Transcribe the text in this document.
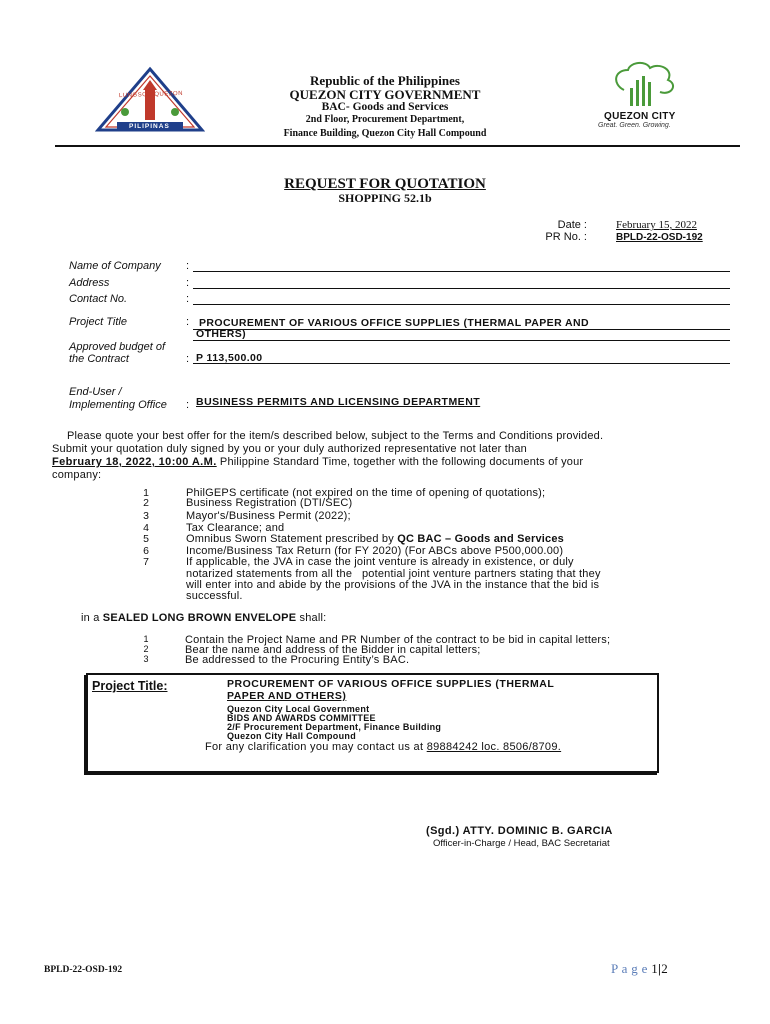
LUNGSOD QUEZON
PILIPINAS
QUEZON CITY
Great. Green. Growing.
Republic of the Philippines
QUEZON CITY GOVERNMENT
BAC- Goods and Services
2nd Floor, Procurement Department,
Finance Building, Quezon City Hall Compound
REQUEST FOR QUOTATION
SHOPPING 52.1b
Date :	February 15, 2022
PR No. :	BPLD-22-OSD-192
Name of Company :
Address	:
Contact No.	:
Project Title	: PROCUREMENT OF VARIOUS OFFICE SUPPLIES (THERMAL PAPER AND
OTHERS)
Approved budget of
the Contract	: P 113,500.00
End-User /
Implementing Office : BUSINESS PERMITS AND LICENSING DEPARTMENT
Please quote your best offer for the item/s described below, subject to the Terms and Conditions provided.
Submit your quotation duly signed by you or your duly authorized representative not later than
February 18, 2022, 10:00 A.M. Philippine Standard Time, together with the following documents of your
company:
1	PhilGEPS certificate (not expired on the time of opening of quotations);
2	Business Registration (DTI/SEC)
3	Mayor's/Business Permit (2022);
4	Tax Clearance; and
5	Omnibus Sworn Statement prescribed by QC BAC – Goods and Services
6	Income/Business Tax Return (for FY 2020) (For ABCs above P500,000.00)
7	If applicable, the JVA in case the joint venture is already in existence, or duly
notarized statements from all the   potential joint venture partners stating that they
will enter into and abide by the provisions of the JVA in the instance that the bid is
successful.
in a SEALED LONG BROWN ENVELOPE shall:
1	Contain the Project Name and PR Number of the contract to be bid in capital letters;
2	Bear the name and address of the Bidder in capital letters;
3	Be addressed to the Procuring Entity’s BAC.
Project Title:	PROCUREMENT OF VARIOUS OFFICE SUPPLIES (THERMAL
PAPER AND OTHERS)
Quezon City Local Government
BIDS AND AWARDS COMMITTEE
2/F Procurement Department, Finance Building
Quezon City Hall Compound
For any clarification you may contact us at 89884242 loc. 8506/8709.
(Sgd.) ATTY. DOMINIC B. GARCIA
Officer-in-Charge / Head, BAC Secretariat
BPLD-22-OSD-192	P a g e 1|2
